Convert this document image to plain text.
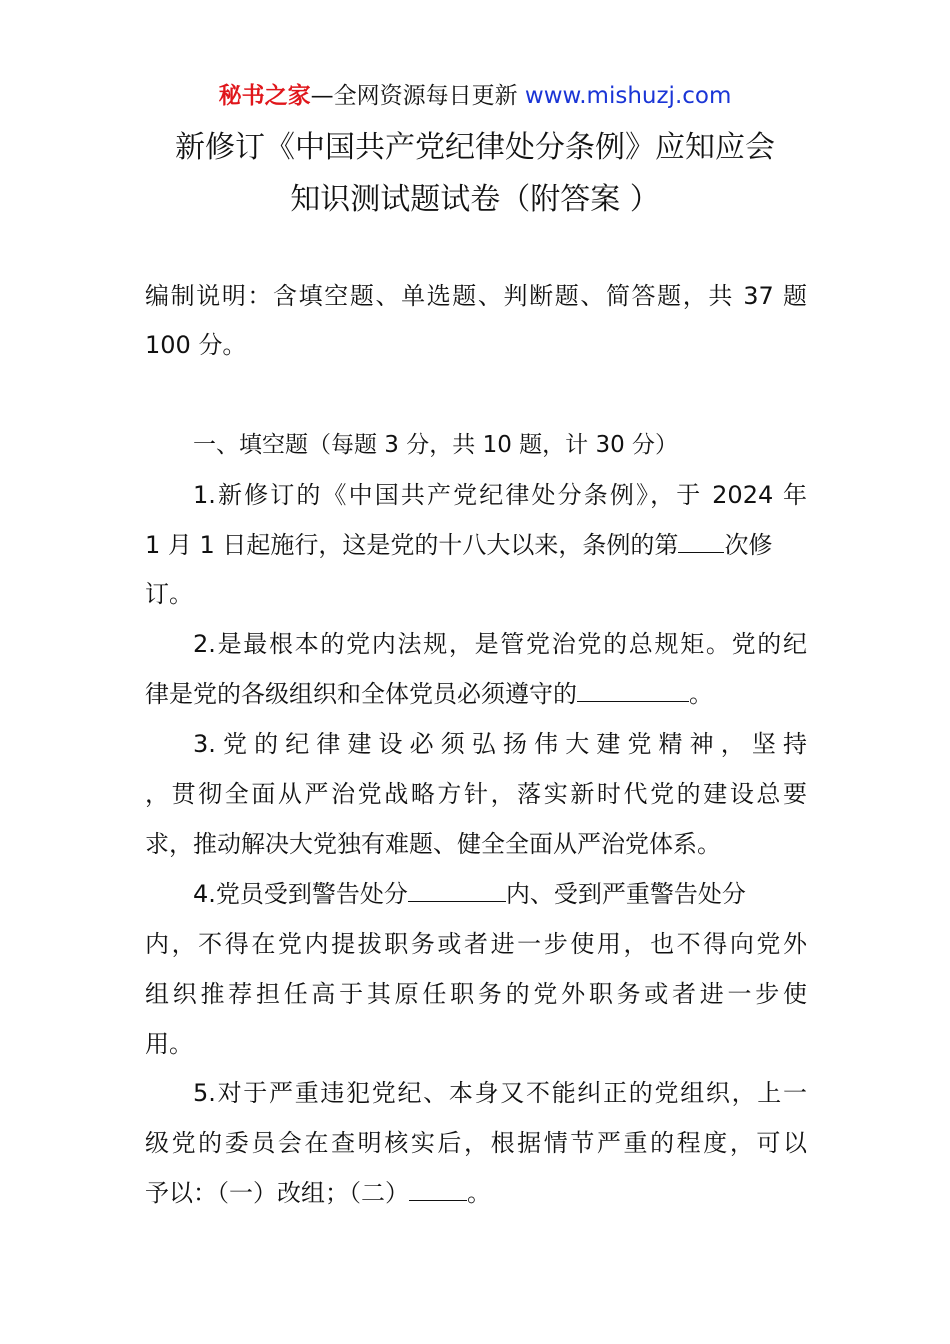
秘书之家—全网资源每日更新 www.mishuzj.com
新修订《中国共产党纪律处分条例》应知应会
知识测试题试卷（附答案 ）
编制说明：含填空题、单选题、判断题、简答题，共 37 题
100 分。
一、填空题（每题 3 分，共 10 题，计 30 分）
1.新修订的《中国共产党纪律处分条例》，于 2024 年
1 月 1 日起施行，这是党的十八大以来，条例的第 次修
订。
2.是最根本的党内法规，是管党治党的总规矩。党的纪
律是党的各级组织和全体党员必须遵守的	。
3.党的纪律建设必须弘扬伟大建党精神，坚持
，贯彻全面从严治党战略方针，落实新时代党的建设总要
求，推动解决大党独有难题、健全全面从严治党体系。
4.党员受到警告处分	内、受到严重警告处分
内，不得在党内提拔职务或者进一步使用，也不得向党外
组织推荐担任高于其原任职务的党外职务或者进一步使
用。
5.对于严重违犯党纪、本身又不能纠正的党组织，上一
级党的委员会在查明核实后，根据情节严重的程度，可以
予以：（一）改组；（二） 。
